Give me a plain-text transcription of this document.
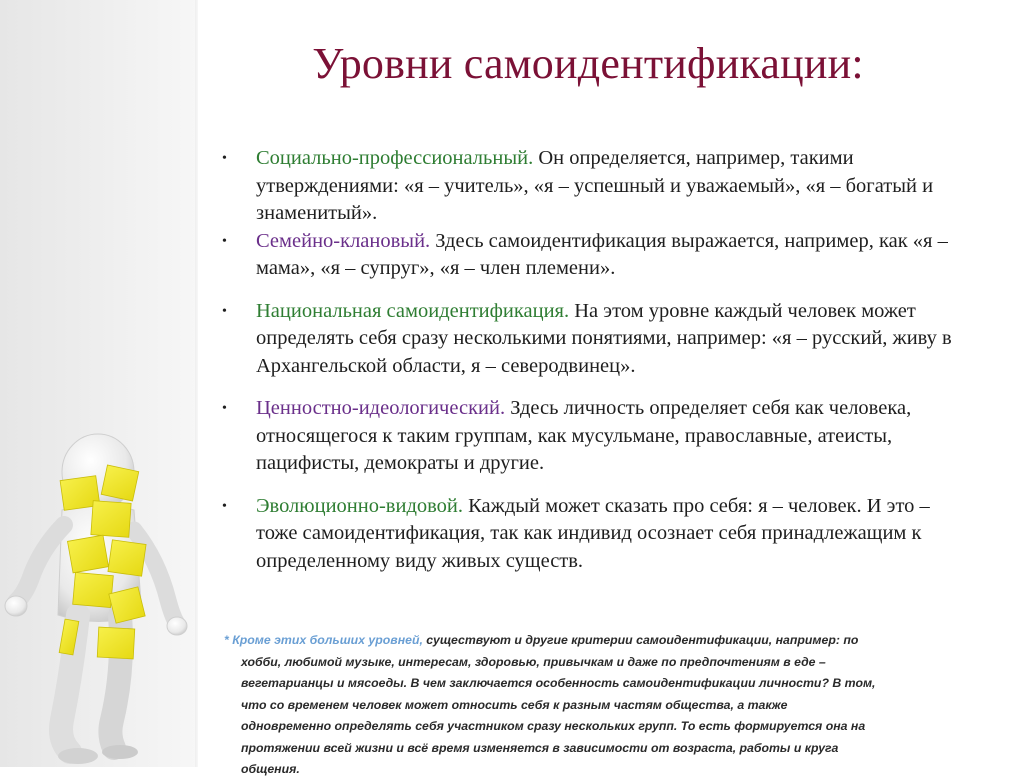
Уровни самоидентификации:
• Социально-профессиональный. Он определяется, например, такими утверждениями: «я – учитель», «я – успешный и уважаемый», «я – богатый и знаменитый».
• Семейно-клановый. Здесь самоидентификация выражается, например, как «я – мама», «я – супруг», «я – член племени».
• Национальная самоидентификация. На этом уровне каждый человек может определять себя сразу несколькими понятиями, например: «я – русский, живу в Архангельской области, я – северодвинец».
• Ценностно-идеологический. Здесь личность определяет себя как человека, относящегося к таким группам, как мусульмане, православные, атеисты, пацифисты, демократы и другие.
• Эволюционно-видовой. Каждый может сказать про себя: я – человек. И это – тоже самоидентификация, так как индивид осознает себя принадлежащим к определенному виду живых существ.
* Кроме этих больших уровней, существуют и другие критерии самоидентификации, например: по
хобби, любимой музыке, интересам, здоровью, привычкам и даже по предпочтениям в еде –
вегетарианцы и мясоеды. В чем заключается особенность самоидентификации личности? В том,
что со временем человек может относить себя к разным частям общества, а также
одновременно определять себя участником сразу нескольких групп. То есть формируется она на
протяжении всей жизни и всё время изменяется в зависимости от возраста, работы и круга
общения.
